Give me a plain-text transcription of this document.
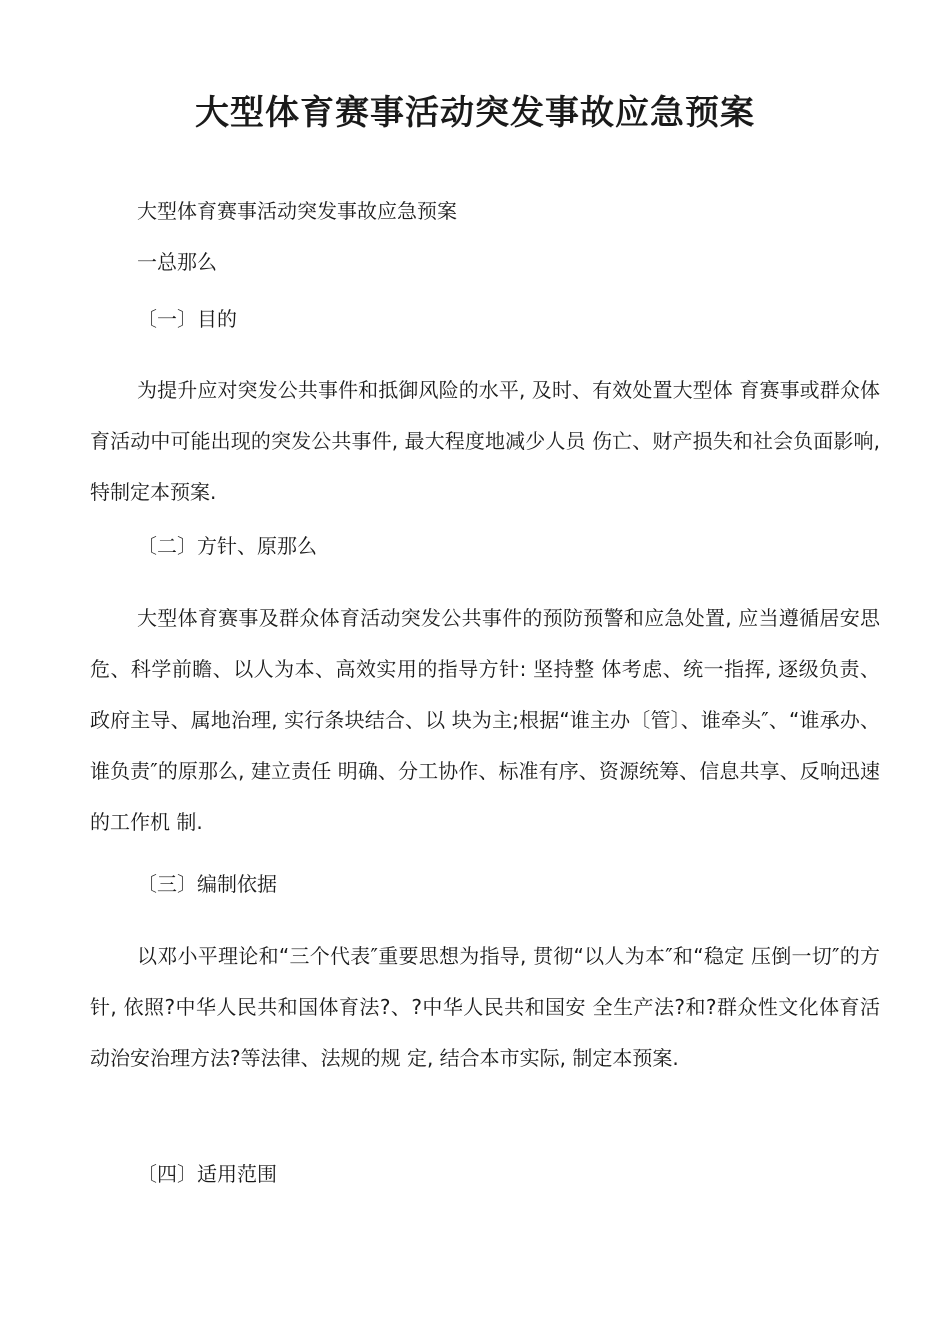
大型体育赛事活动突发事故应急预案

大型体育赛事活动突发事故应急预案

一总那么

〔一〕目的

为提升应对突发公共事件和抵御风险的水平, 及时、有效处置大型体 育赛事或群众体育活动中可能出现的突发公共事件, 最大程度地减少人员 伤亡、财产损失和社会负面影响, 特制定本预案.

〔二〕方针、原那么

大型体育赛事及群众体育活动突发公共事件的预防预警和应急处置, 应当遵循居安思危、科学前瞻、以人为本、高效实用的指导方针: 坚持整 体考虑、统一指挥, 逐级负责、政府主导、属地治理, 实行条块结合、以 块为主;根据“谁主办〔管〕、谁牵头″、“谁承办、谁负责″的原那么, 建立责任 明确、分工协作、标准有序、资源统筹、信息共享、反响迅速的工作机 制.

〔三〕编制依据

以邓小平理论和“三个代表″重要思想为指导, 贯彻“以人为本″和“稳定 压倒一切″的方针, 依照?中华人民共和国体育法?、?中华人民共和国安 全生产法?和?群众性文化体育活动治安治理方法?等法律、法规的规 定, 结合本市实际, 制定本预案.

〔四〕适用范围
